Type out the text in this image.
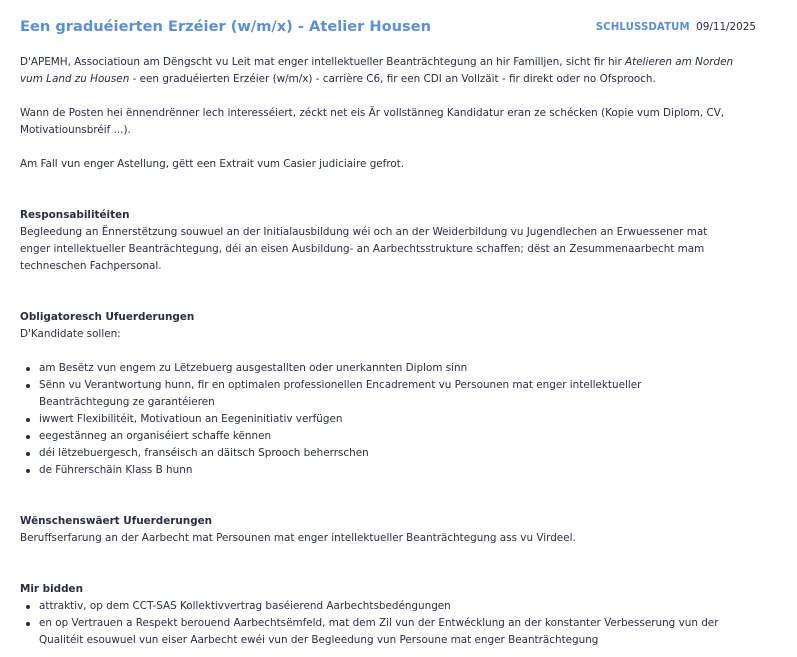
Een graduéierten Erzéier (w/m/x) - Atelier Housen	SCHLUSSDATUM 09/11/2025

D'APEMH, Associatioun am Dëngscht vu Leit mat enger intellektueller Beanträchtegung an hir Familljen, sicht fir hir Atelieren am Norden vum Land zu Housen - een graduéierten Erzéier (w/m/x) - carrière C6, fir een CDI an Vollzäit - fir direkt oder no Ofsprooch.

Wann de Posten hei ënnendrënner lech interesséiert, zéckt net eis Är vollstänneg Kandidatur eran ze schécken (Kopie vum Diplom, CV, Motivatiounsbréif ...).

Am Fall vun enger Astellung, gëtt een Extrait vum Casier judiciaire gefrot.

Responsabilitéiten

Begleedung an Ënnerstëtzung souwuel an der Initialausbildung wéi och an der Weiderbildung vu Jugendlechen an Erwuessener mat enger intellektueller Beanträchtegung, déi an eisen Ausbildung- an Aarbechtsstrukture schaffen; dëst an Zesummenaarbecht mam techneschen Fachpersonal.

Obligatoresch Ufuerderungen

D'Kandidate sollen:

am Besëtz vun engem zu Lëtzebuerg ausgestallten oder unerkannten Diplom sinn
Sënn vu Verantwortung hunn, fir en optimalen professionellen Encadrement vu Persounen mat enger intellektueller Beanträchtegung ze garantéieren
iwwert Flexibilitéit, Motivatioun an Eegeninitiativ verfügen
eegestänneg an organiséiert schaffe kënnen
déi lëtzebuergesch, franséisch an däitsch Sprooch beherrschen
de Führerschäin Klass B hunn

Wënschenswäert Ufuerderungen

Beruffserfarung an der Aarbecht mat Persounen mat enger intellektueller Beanträchtegung ass vu Virdeel.

Mir bidden

attraktiv, op dem CCT-SAS Kollektivvertrag baséierend Aarbechtsbedéngungen
en op Vertrauen a Respekt berouend Aarbechtsëmfeld, mat dem Zil vun der Entwécklung an der konstanter Verbesserung vun der Qualitéit esouwuel vun eiser Aarbecht ewéi vun der Begleedung vun Persoune mat enger Beanträchtegung
